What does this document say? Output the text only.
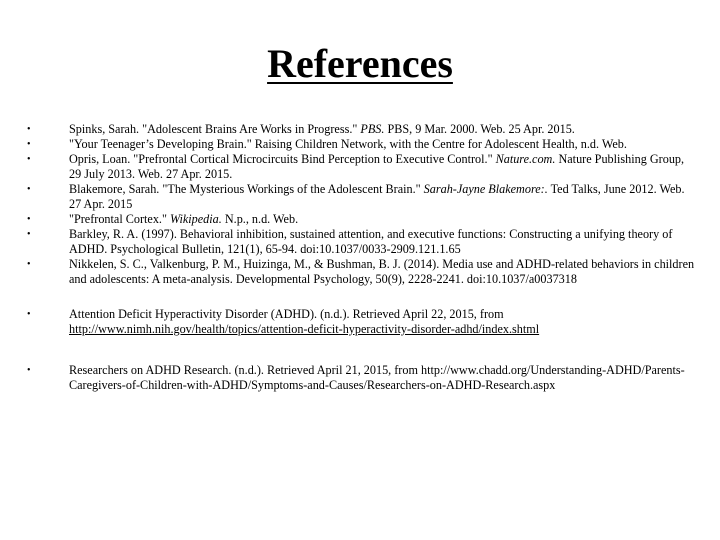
References
•	Spinks, Sarah. "Adolescent Brains Are Works in Progress." PBS. PBS, 9 Mar. 2000. Web. 25 Apr. 2015.
•	"Your Teenager’s Developing Brain." Raising Children Network, with the Centre for Adolescent Health, n.d. Web.
•	Opris, Loan. "Prefrontal Cortical Microcircuits Bind Perception to Executive Control." Nature.com. Nature Publishing Group, 29 July 2013. Web. 27 Apr. 2015.
•	Blakemore, Sarah. "The Mysterious Workings of the Adolescent Brain." Sarah-Jayne Blakemore:. Ted Talks, June 2012. Web. 27 Apr. 2015
•	"Prefrontal Cortex." Wikipedia. N.p., n.d. Web.
•	Barkley, R. A. (1997). Behavioral inhibition, sustained attention, and executive functions: Constructing a unifying theory of ADHD. Psychological Bulletin, 121(1), 65-94. doi:10.1037/0033-2909.121.1.65
•	Nikkelen, S. C., Valkenburg, P. M., Huizinga, M., & Bushman, B. J. (2014). Media use and ADHD-related behaviors in children and adolescents: A meta-analysis. Developmental Psychology, 50(9), 2228-2241. doi:10.1037/a0037318
•	Attention Deficit Hyperactivity Disorder (ADHD). (n.d.). Retrieved April 22, 2015, from http://www.nimh.nih.gov/health/topics/attention-deficit-hyperactivity-disorder-adhd/index.shtml
•	Researchers on ADHD Research. (n.d.). Retrieved April 21, 2015, from http://www.chadd.org/Understanding-ADHD/Parents-Caregivers-of-Children-with-ADHD/Symptoms-and-Causes/Researchers-on-ADHD-Research.aspx
